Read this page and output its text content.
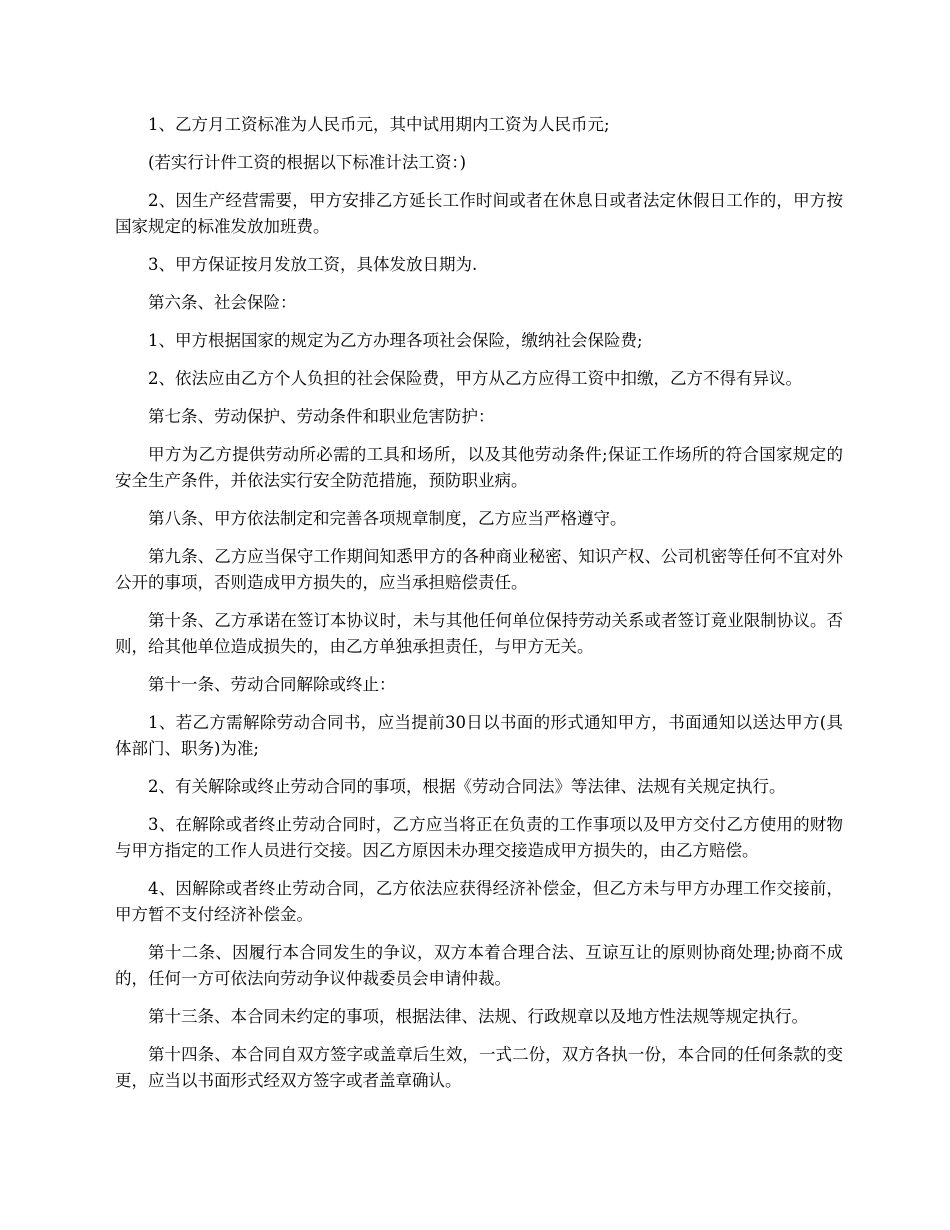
1、乙方月工资标准为人民币元，其中试用期内工资为人民币元;

(若实行计件工资的根据以下标准计法工资：)

2、因生产经营需要，甲方安排乙方延长工作时间或者在休息日或者法定休假日工作的，甲方按国家规定的标准发放加班费。

3、甲方保证按月发放工资，具体发放日期为.

第六条、社会保险：

1、甲方根据国家的规定为乙方办理各项社会保险，缴纳社会保险费;

2、依法应由乙方个人负担的社会保险费，甲方从乙方应得工资中扣缴，乙方不得有异议。

第七条、劳动保护、劳动条件和职业危害防护：

甲方为乙方提供劳动所必需的工具和场所，以及其他劳动条件;保证工作场所的符合国家规定的安全生产条件，并依法实行安全防范措施，预防职业病。

第八条、甲方依法制定和完善各项规章制度，乙方应当严格遵守。

第九条、乙方应当保守工作期间知悉甲方的各种商业秘密、知识产权、公司机密等任何不宜对外公开的事项，否则造成甲方损失的，应当承担赔偿责任。

第十条、乙方承诺在签订本协议时，未与其他任何单位保持劳动关系或者签订竟业限制协议。否则，给其他单位造成损失的，由乙方单独承担责任，与甲方无关。

第十一条、劳动合同解除或终止：

1、若乙方需解除劳动合同书，应当提前30日以书面的形式通知甲方，书面通知以送达甲方(具体部门、职务)为准;

2、有关解除或终止劳动合同的事项，根据《劳动合同法》等法律、法规有关规定执行。

3、在解除或者终止劳动合同时，乙方应当将正在负责的工作事项以及甲方交付乙方使用的财物与甲方指定的工作人员进行交接。因乙方原因未办理交接造成甲方损失的，由乙方赔偿。

4、因解除或者终止劳动合同，乙方依法应获得经济补偿金，但乙方未与甲方办理工作交接前，甲方暂不支付经济补偿金。

第十二条、因履行本合同发生的争议，双方本着合理合法、互谅互让的原则协商处理;协商不成的，任何一方可依法向劳动争议仲裁委员会申请仲裁。

第十三条、本合同未约定的事项，根据法律、法规、行政规章以及地方性法规等规定执行。

第十四条、本合同自双方签字或盖章后生效，一式二份，双方各执一份，本合同的任何条款的变更，应当以书面形式经双方签字或者盖章确认。
